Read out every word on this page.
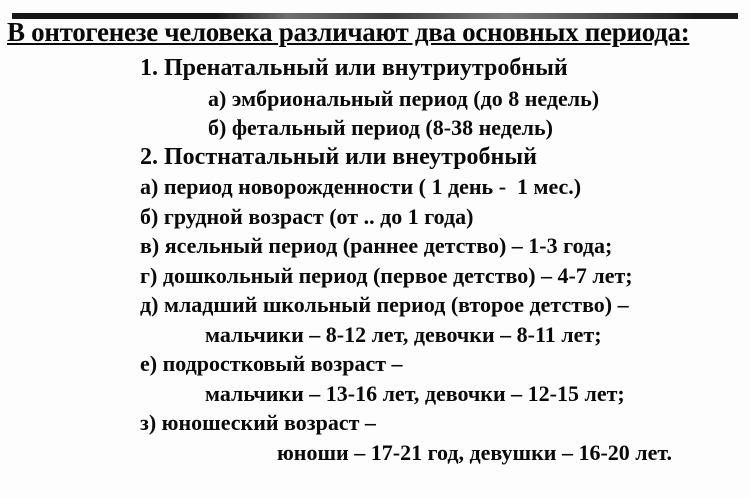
В онтогенезе человека различают два основных периода:
1. Пренатальный или внутриутробный
а) эмбриональный период (до 8 недель)
б) фетальный период (8-38 недель)
2. Постнатальный или внеутробный
а) период новорожденности ( 1 день -  1 мес.)
б) грудной возраст (от .. до 1 года)
в) ясельный период (раннее детство) – 1-3 года;
г) дошкольный период (первое детство) – 4-7 лет;
д) младший школьный период (второе детство) –
мальчики – 8-12 лет, девочки – 8-11 лет;
е) подростковый возраст –
мальчики – 13-16 лет, девочки – 12-15 лет;
з) юношеский возраст –
юноши – 17-21 год, девушки – 16-20 лет.
